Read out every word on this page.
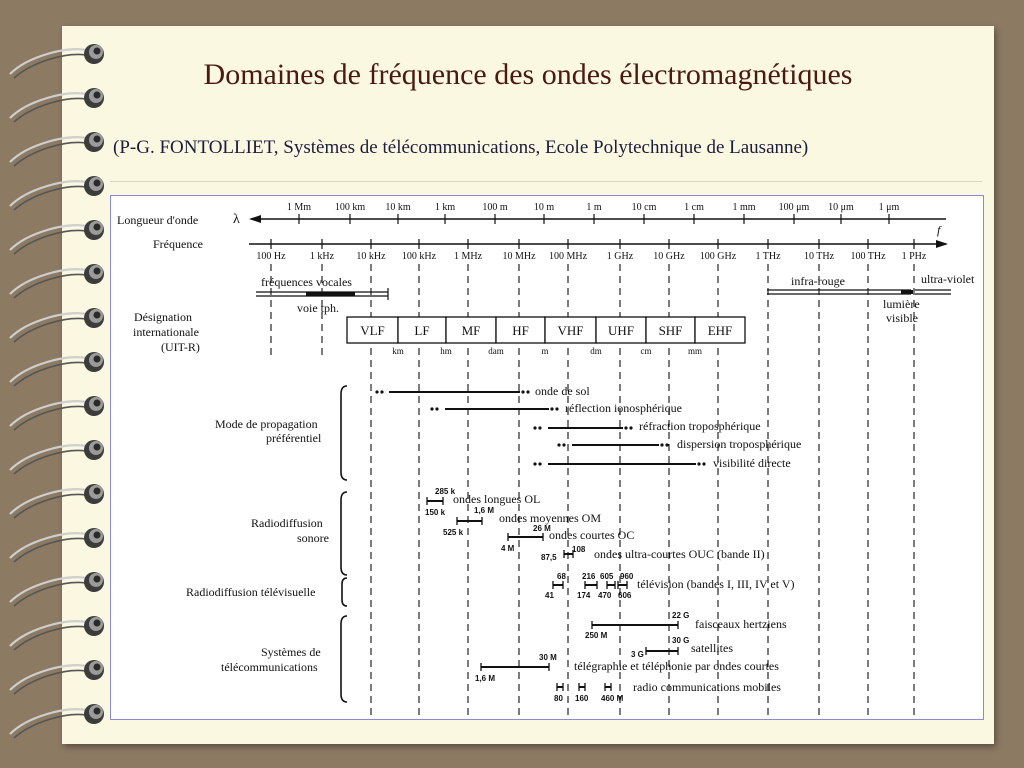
Domaines de fréquence des ondes électromagnétiques
(P-G. FONTOLLIET, Systèmes de télécommunications, Ecole Polytechnique de Lausanne)
Longueur d'onde λ
Fréquence
f
1 Mm 100 km 10 km 1 km	100 m	10 m	1 m	10 cm	1 cm	1 mm 100 μm 10 μm 1 μm
100 Hz 1 kHz 10 kHz 100 kHz 1 MHz 10 MHz 100 MHz 1 GHz 10 GHz 100 GHz 1 THz 10 THz 100 THz 1 PHz
fréquences vocales
voie tph.
infra-rouge	ultra-violet
lumière
visible
Désignation
internationale
(UIT-R)
VLF
km
LF
hm
MF
dam
HF
m
VHF
dm
UHF
cm
SHF
mm
EHF
Mode de propagation
préférentiel
Radiodiffusion
sonore
Radiodiffusion télévisuelle
Systèmes de
télécommunications
onde de sol
réflection ionosphérique
réfraction troposphérique
dispersion troposphérique
visibilité directe
285 k
150 k
ondes longues OL
1,6 M
525 k
ondes moyennes OM
26 M
4 M
ondes courtes OC
108
87,5	ondes ultra-courtes OUC (bande II)
68
41
216
174
605
470
960
606
télévision (bandes I, III, IV et V)
22 G
250 M
faisceaux hertziens
30 G
3 G	satellites
30 M
1,6 M
télégraphie et téléphonie par ondes courtes
80 160 460 M
radio communications mobiles
